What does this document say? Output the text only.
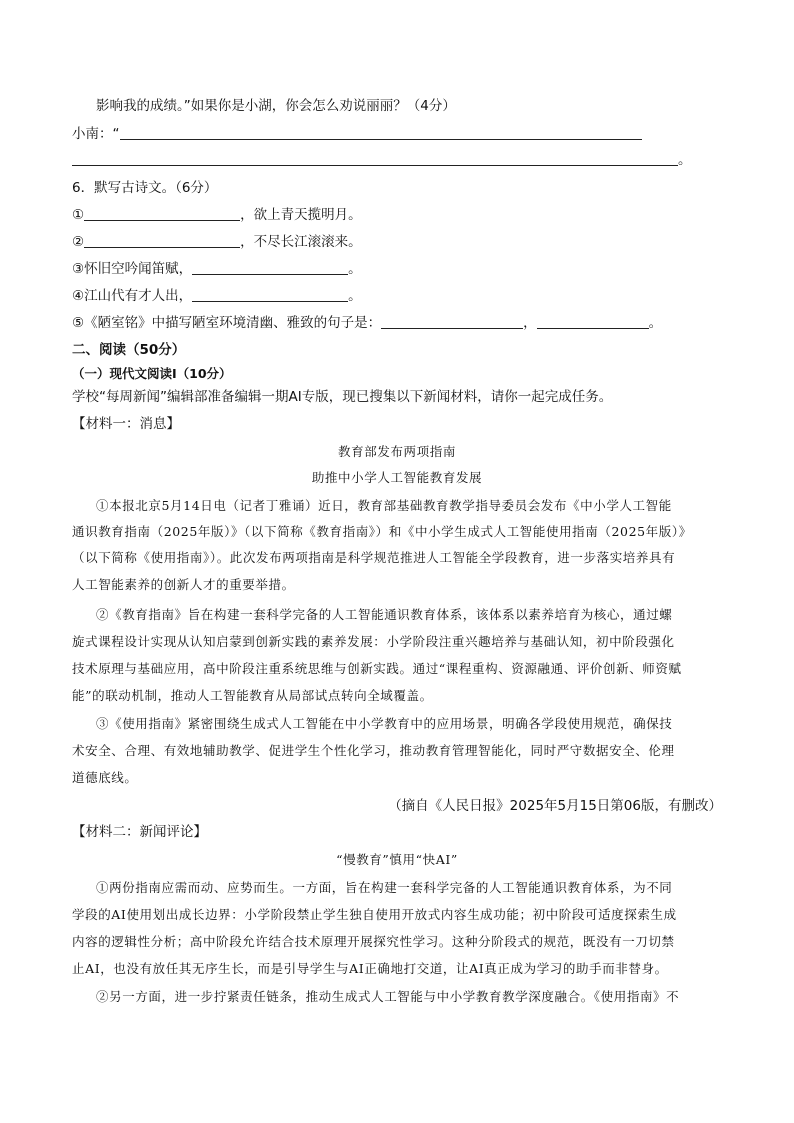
影响我的成绩。”如果你是小湖，你会怎么劝说丽丽？（4分）
小南：“
。
6．默写古诗文。（6分）
①	，欲上青天揽明月。
②	，不尽长江滚滚来。
③怀旧空吟闻笛赋，	。
④江山代有才人出，	。
⑤《陋室铭》中描写陋室环境清幽、雅致的句子是：	，	。
二、阅读（50分）
（一）现代文阅读Ⅰ（10分）
学校“每周新闻”编辑部准备编辑一期AI专版，现已搜集以下新闻材料，请你一起完成任务。
【材料一：消息】
教育部发布两项指南
助推中小学人工智能教育发展
①本报北京5月14日电（记者丁雅诵）近日，教育部基础教育教学指导委员会发布《中小学人工智能
通识教育指南（2025年版）》（以下简称《教育指南》）和《中小学生成式人工智能使用指南（2025年版）》
（以下简称《使用指南》）。此次发布两项指南是科学规范推进人工智能全学段教育，进一步落实培养具有
人工智能素养的创新人才的重要举措。
②《教育指南》旨在构建一套科学完备的人工智能通识教育体系，该体系以素养培育为核心，通过螺
旋式课程设计实现从认知启蒙到创新实践的素养发展：小学阶段注重兴趣培养与基础认知，初中阶段强化
技术原理与基础应用，高中阶段注重系统思维与创新实践。通过“课程重构、资源融通、评价创新、师资赋
能”的联动机制，推动人工智能教育从局部试点转向全域覆盖。
③《使用指南》紧密围绕生成式人工智能在中小学教育中的应用场景，明确各学段使用规范，确保技
术安全、合理、有效地辅助教学、促进学生个性化学习，推动教育管理智能化，同时严守数据安全、伦理
道德底线。
（摘自《人民日报》2025年5月15日第06版，有删改）
【材料二：新闻评论】
“慢教育”慎用“快AI”
①两份指南应需而动、应势而生。一方面，旨在构建一套科学完备的人工智能通识教育体系，为不同
学段的AI使用划出成长边界：小学阶段禁止学生独自使用开放式内容生成功能；初中阶段可适度探索生成
内容的逻辑性分析；高中阶段允许结合技术原理开展探究性学习。这种分阶段式的规范，既没有一刀切禁
止AI，也没有放任其无序生长，而是引导学生与AI正确地打交道，让AI真正成为学习的助手而非替身。
②另一方面，进一步拧紧责任链条，推动生成式人工智能与中小学教育教学深度融合。《使用指南》不
